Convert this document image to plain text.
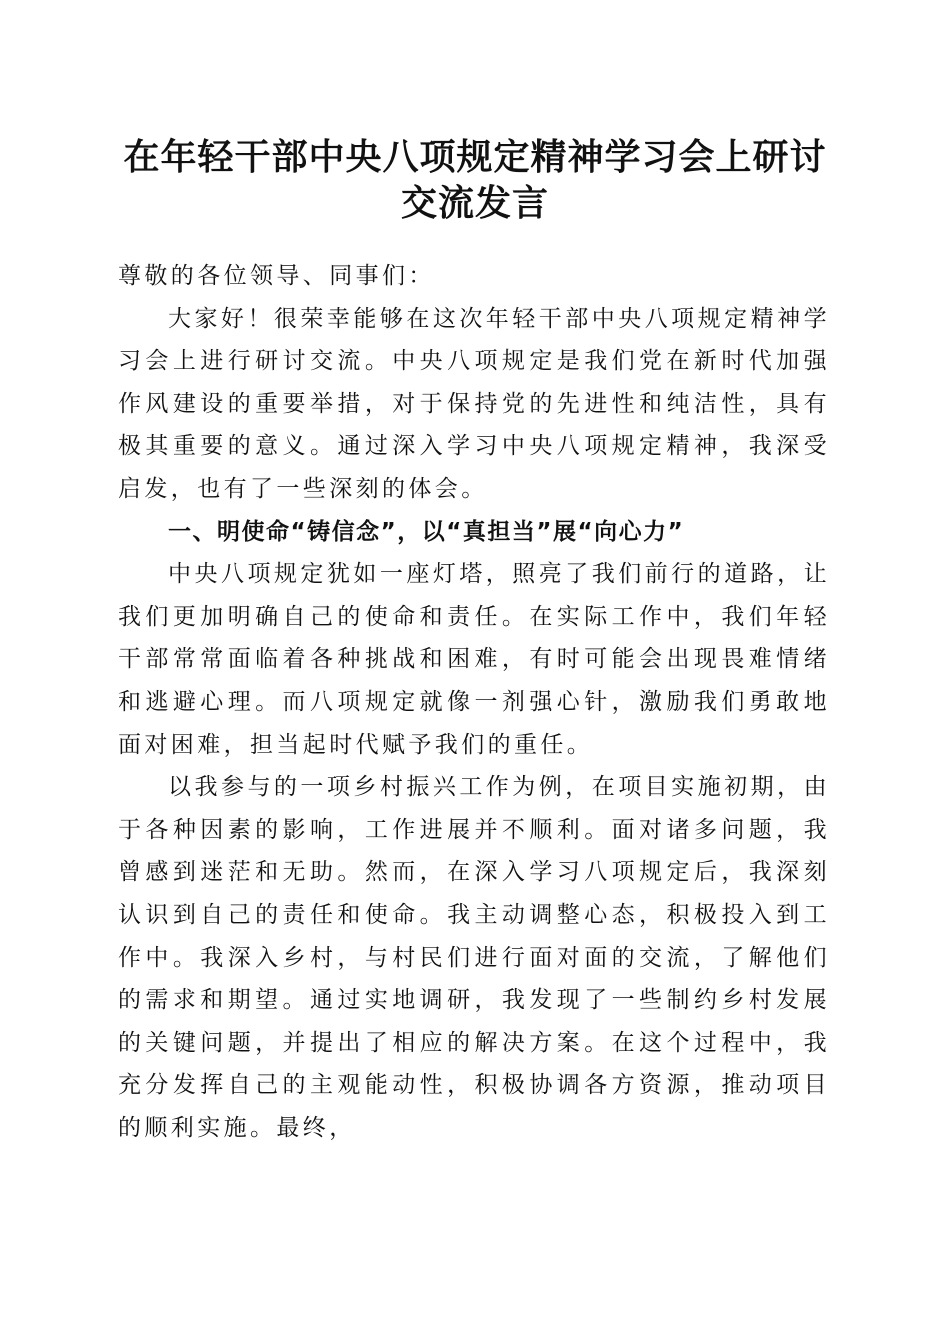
在年轻干部中央八项规定精神学习会上研讨交流发言

尊敬的各位领导、同事们：

大家好！很荣幸能够在这次年轻干部中央八项规定精神学习会上进行研讨交流。中央八项规定是我们党在新时代加强作风建设的重要举措，对于保持党的先进性和纯洁性，具有极其重要的意义。通过深入学习中央八项规定精神，我深受启发，也有了一些深刻的体会。

一、明使命“铸信念”，以“真担当”展“向心力”

中央八项规定犹如一座灯塔，照亮了我们前行的道路，让我们更加明确自己的使命和责任。在实际工作中，我们年轻干部常常面临着各种挑战和困难，有时可能会出现畏难情绪和逃避心理。而八项规定就像一剂强心针，激励我们勇敢地面对困难，担当起时代赋予我们的重任。

以我参与的一项乡村振兴工作为例，在项目实施初期，由于各种因素的影响，工作进展并不顺利。面对诸多问题，我曾感到迷茫和无助。然而，在深入学习八项规定后，我深刻认识到自己的责任和使命。我主动调整心态，积极投入到工作中。我深入乡村，与村民们进行面对面的交流，了解他们的需求和期望。通过实地调研，我发现了一些制约乡村发展的关键问题，并提出了相应的解决方案。在这个过程中，我充分发挥自己的主观能动性，积极协调各方资源，推动项目的顺利实施。最终，
